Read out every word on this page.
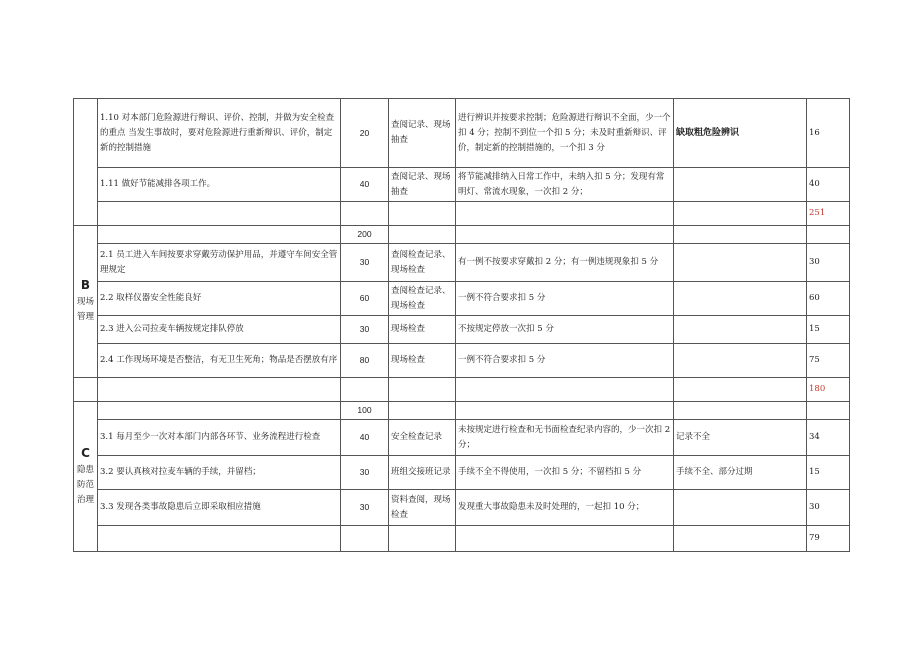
	1.10 对本部门危险源进行辩识、评价、控制，并做为安全检查的重点 当发生事故时，要对危险源进行重新辩识、评价，制定新的控制措施	20	查阅记录、现场抽查	进行辨识并按要求控制；危险源进行辩识不全面，少一个扣 4 分；控制不到位一个扣 5 分；未及时重新辩识、评价，制定新的控制措施的，一个扣 3 分	缺取粗危险辨识	16
	1.11 做好节能减排各项工作。	40	查阅记录、现场抽查	将节能减排纳入日常工作中，未纳入扣 5 分；发现有常明灯、常流水现象，一次扣 2 分；		40
						251
B 现场管理		200				
	2.1 员工进入车间按要求穿戴劳动保护用品，并遵守车间安全管理规定	30	查阅检查记录、现场检查	有一例不按要求穿戴扣 2 分；有一例违规现象扣 5 分		30
	2.2 取样仪器安全性能良好	60	查阅检查记录、现场检查	一例不符合要求扣 5 分		60
	2.3 进入公司拉麦车辆按规定排队停放	30	现场检查	不按规定停放一次扣 5 分		15
	2.4 工作现场环境是否整洁，有无卫生死角；物品是否摆放有序	80	现场检查	一例不符合要求扣 5 分		75
						180
C 隐患防范治理		100				
	3.1 每月至少一次对本部门内部各环节、业务流程进行检查	40	安全检查记录	未按规定进行检查和无书面检查纪录内容的，少一次扣 2 分；	记录不全	34
	3.2 要认真核对拉麦车辆的手续，并留档；	30	班组交接班记录	手续不全不得使用，一次扣 5 分；不留档扣 5 分	手续不全、部分过期	15
	3.3 发现各类事故隐患后立即采取相应措施	30	资料查阅，现场检查	发现重大事故隐患未及时处理的，一起扣 10 分；		30
						79
